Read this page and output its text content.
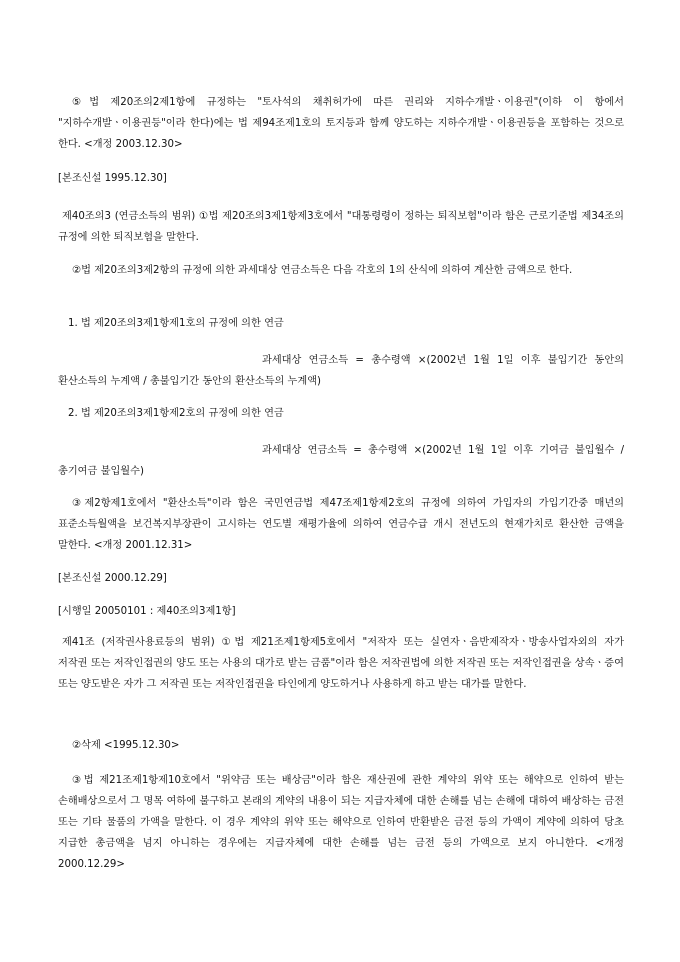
⑤법 제20조의2제1항에 규정하는 "토사석의 채취허가에 따른 권리와 지하수개발ㆍ이용권"(이하 이 항에서 "지하수개발ㆍ이용권등"이라 한다)에는 법 제94조제1호의 토지등과 함께 양도하는 지하수개발ㆍ이용권등을 포함하는 것으로 한다. <개정 2003.12.30>
[본조신설 1995.12.30]
제40조의3 (연금소득의 범위) ①법 제20조의3제1항제3호에서 "대통령령이 정하는 퇴직보험"이라 함은 근로기준법 제34조의 규정에 의한 퇴직보험을 말한다.
②법 제20조의3제2항의 규정에 의한 과세대상 연금소득은 다음 각호의 1의 산식에 의하여 계산한 금액으로 한다.
1. 법 제20조의3제1항제1호의 규정에 의한 연금
과세대상 연금소득 = 총수령액 ×(2002년 1월 1일 이후 불입기간 동안의 환산소득의 누계액 / 총불입기간 동안의 환산소득의 누계액)
2. 법 제20조의3제1항제2호의 규정에 의한 연금
과세대상 연금소득 = 총수령액 ×(2002년 1월 1일 이후 기여금 불입월수 / 총기여금 불입월수)
③제2항제1호에서 "환산소득"이라 함은 국민연금법 제47조제1항제2호의 규정에 의하여 가입자의 가입기간중 매년의 표준소득월액을 보건복지부장관이 고시하는 연도별 재평가율에 의하여 연금수급 개시 전년도의 현재가치로 환산한 금액을 말한다. <개정 2001.12.31>
[본조신설 2000.12.29]
[시행일 20050101 : 제40조의3제1항]
제41조 (저작권사용료등의 범위) ①법 제21조제1항제5호에서 "저작자 또는 실연자ㆍ음반제작자ㆍ방송사업자외의 자가 저작권 또는 저작인접권의 양도 또는 사용의 대가로 받는 금품"이라 함은 저작권법에 의한 저작권 또는 저작인접권을 상속ㆍ증여 또는 양도받은 자가 그 저작권 또는 저작인접권을 타인에게 양도하거나 사용하게 하고 받는 대가를 말한다.
②삭제 <1995.12.30>
③법 제21조제1항제10호에서 "위약금 또는 배상금"이라 함은 재산권에 관한 계약의 위약 또는 해약으로 인하여 받는 손해배상으로서 그 명목 여하에 불구하고 본래의 계약의 내용이 되는 지급자체에 대한 손해를 넘는 손해에 대하여 배상하는 금전 또는 기타 물품의 가액을 말한다. 이 경우 계약의 위약 또는 해약으로 인하여 반환받은 금전 등의 가액이 계약에 의하여 당초 지급한 총금액을 넘지 아니하는 경우에는 지급자체에 대한 손해를 넘는 금전 등의 가액으로 보지 아니한다. <개정 2000.12.29>
